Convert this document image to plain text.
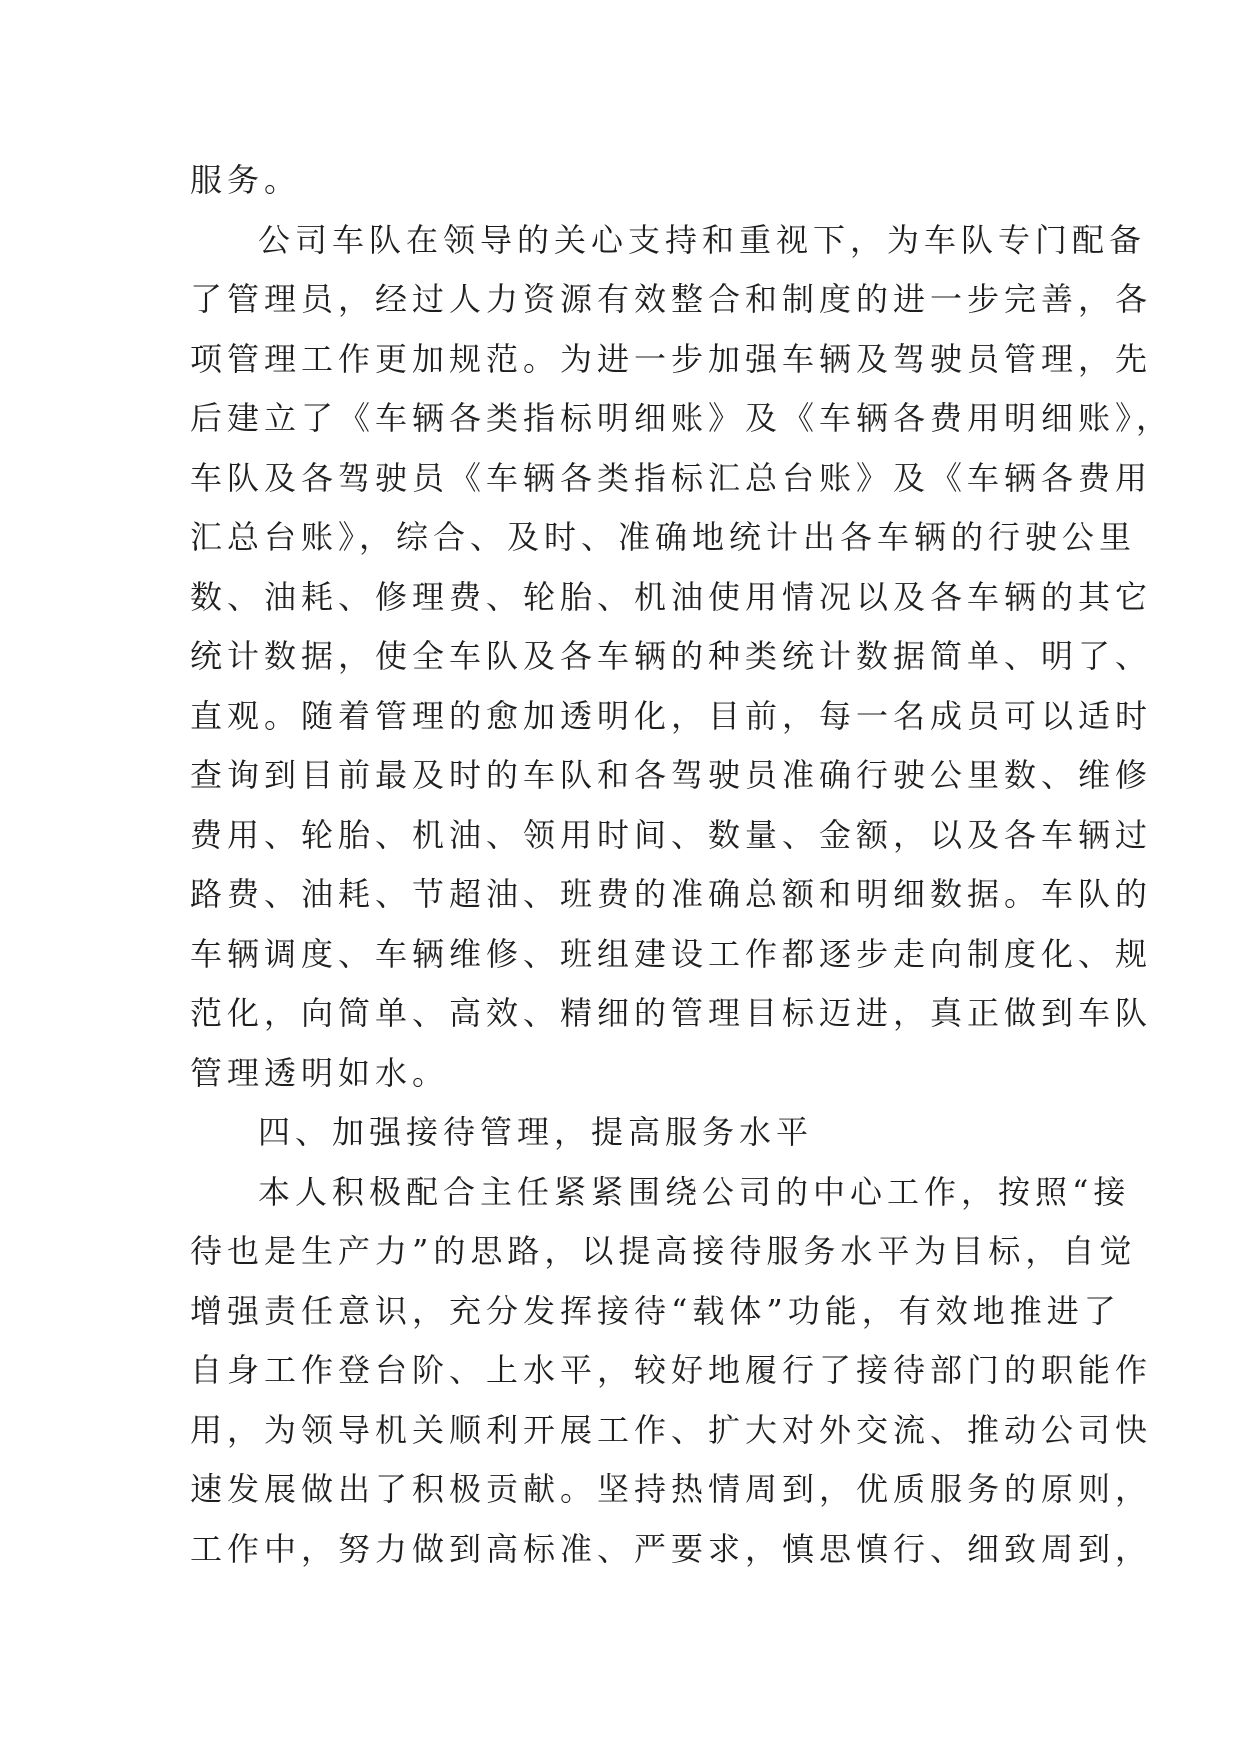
服务。
公司车队在领导的关心支持和重视下，为车队专门配备
了管理员，经过人力资源有效整合和制度的进一步完善，各
项管理工作更加规范。为进一步加强车辆及驾驶员管理，先
后建立了《车辆各类指标明细账》及《车辆各费用明细账》，
车队及各驾驶员《车辆各类指标汇总台账》及《车辆各费用
汇总台账》，综合、及时、准确地统计出各车辆的行驶公里
数、油耗、修理费、轮胎、机油使用情况以及各车辆的其它
统计数据，使全车队及各车辆的种类统计数据简单、明了、
直观。随着管理的愈加透明化，目前，每一名成员可以适时
查询到目前最及时的车队和各驾驶员准确行驶公里数、维修
费用、轮胎、机油、领用时间、数量、金额，以及各车辆过
路费、油耗、节超油、班费的准确总额和明细数据。车队的
车辆调度、车辆维修、班组建设工作都逐步走向制度化、规
范化，向简单、高效、精细的管理目标迈进，真正做到车队
管理透明如水。
四、加强接待管理，提高服务水平
本人积极配合主任紧紧围绕公司的中心工作，按照“接
待也是生产力”的思路，以提高接待服务水平为目标，自觉
增强责任意识，充分发挥接待“载体”功能，有效地推进了
自身工作登台阶、上水平，较好地履行了接待部门的职能作
用，为领导机关顺利开展工作、扩大对外交流、推动公司快
速发展做出了积极贡献。坚持热情周到，优质服务的原则，
工作中，努力做到高标准、严要求，慎思慎行、细致周到，
